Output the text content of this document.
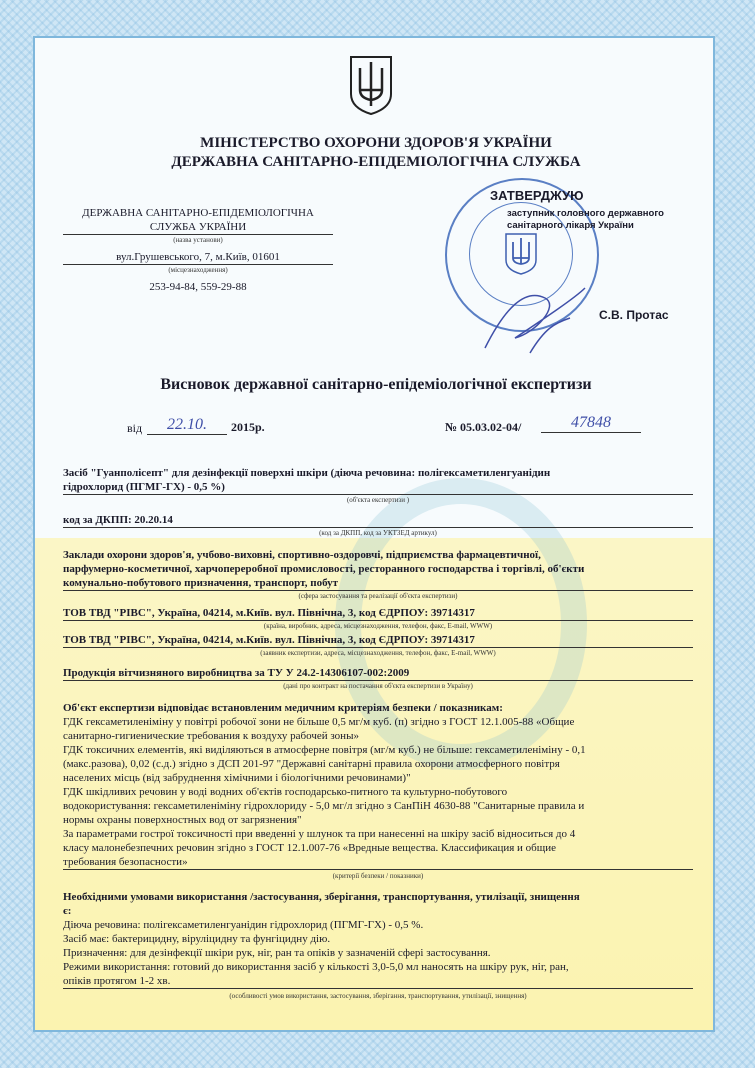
МІНІСТЕРСТВО ОХОРОНИ ЗДОРОВ'Я УКРАЇНИ
ДЕРЖАВНА САНІТАРНО-ЕПІДЕМІОЛОГІЧНА СЛУЖБА
ДЕРЖАВНА САНІТАРНО-ЕПІДЕМІОЛОГІЧНА
СЛУЖБА УКРАЇНИ
(назва установи)
вул.Грушевського, 7, м.Київ, 01601
(місцезнаходження)
253-94-84, 559-29-88
ЗАТВЕРДЖУЮ
заступник головного державного
санітарного лікаря України
С.В. Протас
Висновок державної санітарно-епідеміологічної експертизи
від	22.10.	2015р.	№ 05.03.02-04/	47848
Засіб "Гуанполісепт" для дезінфекції поверхні шкіри (діюча речовина: полігексаметиленгуанідин
гідрохлорид (ПГМГ-ГХ) - 0,5 %)
(об'єкта експертизи )
код за ДКПП: 20.20.14
(код за ДКПП, код за УКТЗЕД артикул)
Заклади охорони здоров'я, учбово-виховні, спортивно-оздоровчі, підприємства фармацевтичної,
парфумерно-косметичної, харчопереробної промисловості, ресторанного господарства і торгівлі, об'єкти
комунально-побутового призначення, транспорт, побут
(сфера застосування та реалізації об'єкта експертизи)
ТОВ ТВД "РІВС", Україна, 04214, м.Київ. вул. Північна, 3, код ЄДРПОУ: 39714317
(країна, виробник, адреса, місцезнаходження, телефон, факс, E-mail, WWW)
ТОВ ТВД "РІВС", Україна, 04214, м.Київ. вул. Північна, 3, код ЄДРПОУ: 39714317
(заявник експертизи, адреса, місцезнаходження, телефон, факс, E-mail, WWW)
Продукція вітчизняного виробництва за ТУ У 24.2-14306107-002:2009
(дані про контракт на постачання об'єкта експертизи в Україну)
Об'єкт експертизи відповідає встановленим медичним критеріям безпеки / показникам:
ГДК гексаметиленіміну у повітрі робочої зони не більше 0,5 мг/м куб. (п) згідно з ГОСТ 12.1.005-88 «Общие
санитарно-гигиенические требования к воздуху рабочей зоны»
ГДК токсичних елементів, які виділяються в атмосферне повітря (мг/м куб.) не більше: гексаметиленіміну - 0,1
(макс.разова), 0,02 (с.д.) згідно з ДСП 201-97 "Державні санітарні правила охорони атмосферного повітря
населених місць (від забруднення хімічними і біологічними речовинами)"
ГДК шкідливих речовин у воді водних об'єктів господарсько-питного та культурно-побутового
водокористування: гексаметиленіміну гідрохлориду - 5,0 мг/л згідно з СанПіН 4630-88 "Санитарные правила и
нормы охраны поверхностных вод от загрязнения"
За параметрами гострої токсичності при введенні у шлунок та при нанесенні на шкіру засіб відноситься до 4
класу малонебезпечних речовин згідно з ГОСТ 12.1.007-76 «Вредные вещества. Классификация и общие
требования безопасности»
(критерії безпеки / показники)
Необхідними умовами використання /застосування, зберігання, транспортування, утилізації, знищення
є:
Діюча речовина: полігексаметиленгуанідин гідрохлорид (ПГМГ-ГХ) - 0,5 %.
Засіб має: бактерицидну, віруліцидну та фунгіцидну дію.
Призначення: для дезінфекції шкіри рук, ніг, ран та опіків у зазначеній сфері застосування.
Режими використання: готовий до використання засіб у кількості 3,0-5,0 мл наносять на шкіру рук, ніг, ран,
опіків протягом 1-2 хв.
(особливості умов використання, застосування, зберігання, транспортування, утилізації, знищення)
